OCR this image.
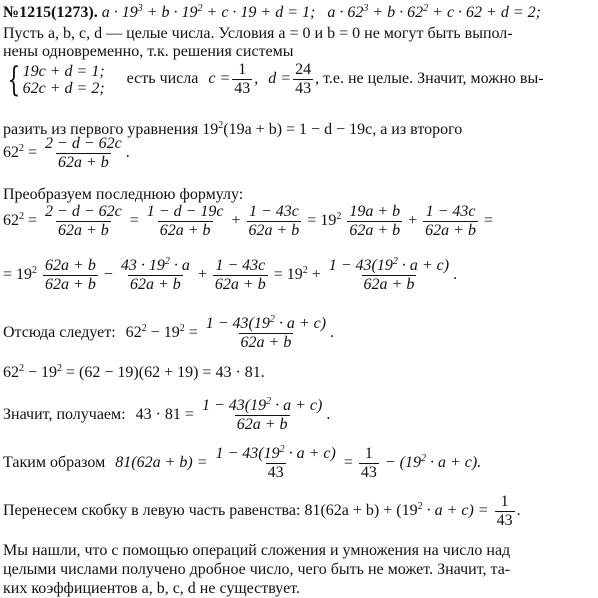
№1215(1273). $a \cdot 19^3 + b \cdot 19^2 + c \cdot 19 + d = 1$; $a \cdot 62^3 + b \cdot 62^2 + c \cdot 62 + d = 2$;
Пусть a, b, c, d — целые числа. Условия a = 0 и b = 0 не могут быть выпол-
нены одновременно, т.к. решения системы
{ 19c + d = 1;
62c + d = 2;
есть числа $c = \frac{1}{43}$ , $d = \frac{24}{43}$ , т.е. не целые. Значит, можно вы-
разить из первого уравнения $19^2(19a + b) = 1 - d - 19c$, а из второго
$62^2 = \frac{2 - d - 62c}{62a + b}$ .
Преобразуем последнюю формулу:
$62^2 = \frac{2 - d - 62c}{62a + b} = \frac{1 - d - 19c}{62a + b} + \frac{1 - 43c}{62a + b} = 19^2 \frac{19a + b}{62a + b} + \frac{1 - 43c}{62a + b}$ =
= $19^2 \frac{62a + b}{62a + b} - \frac{43 \cdot 19^2 \cdot a}{62a + b} + \frac{1 - 43c}{62a + b} = 19^2 + \frac{1 - 43(19^2 \cdot a + c)}{62a + b}$ .
Отсюда следует: $62^2 - 19^2 = \frac{1 - 43(19^2 \cdot a + c)}{62a + b}$ .
$62^2 - 19^2 = (62 - 19)(62 + 19) = 43 \cdot 81$.
Значит, получаем: $43 \cdot 81 = \frac{1 - 43(19^2 \cdot a + c)}{62a + b}$ .
Таким образом $81(62a + b) = \frac{1 - 43(19^2 \cdot a + c)}{43} = \frac{1}{43} - (19^2 \cdot a + c)$.
Перенесем скобку в левую часть равенства: $81(62a + b) + (19^2 \cdot a + c) = \frac{1}{43}$ .
Мы нашли, что с помощью операций сложения и умножения на число над
целыми числами получено дробное число, чего быть не может. Значит, та-
ких коэффициентов a, b, c, d не существует.
